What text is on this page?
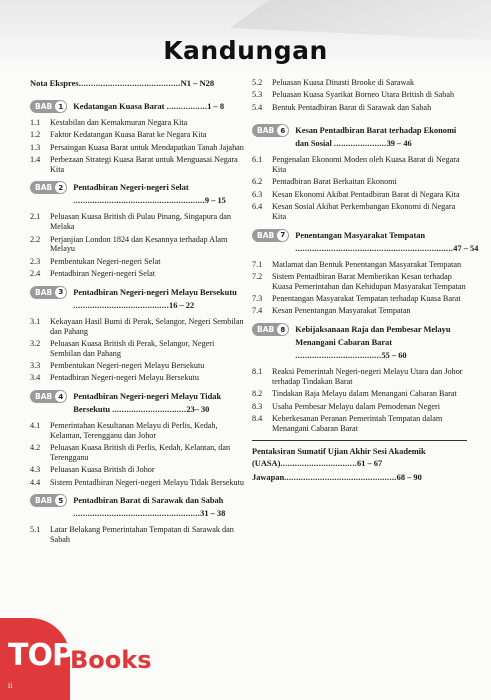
Kandungan
Nota Ekspres..........................................N1 – N28
BAB 1	Kedatangan Kuasa Barat .................1 – 8
1.1	Kestabilan dan Kemakmuran Negara Kita
1.2	Faktor Kedatangan Kuasa Barat ke Negara Kita
1.3	Persaingan Kuasa Barat untuk Mendapatkan Tanah Jajahan
1.4	Perbezaan Strategi Kuasa Barat untuk Menguasai Negara Kita
BAB 2	Pentadbiran Negeri-negeri Selat .......................................................9 – 15
2.1	Peluasan Kuasa British di Pulau Pinang, Singapura dan Melaka
2.2	Perjanjian London 1824 dan Kesannya terhadap Alam Melayu
2.3	Pembentukan Negeri-negeri Selat
2.4	Pentadbiran Negeri-negeri Selat
BAB 3	Pentadbiran Negeri-negeri Melayu Bersekutu ........................................16 – 22
3.1	Kekayaan Hasil Bumi di Perak, Selangor, Negeri Sembilan dan Pahang
3.2	Peluasan Kuasa British di Perak, Selangor, Negeri Sembilan dan Pahang
3.3	Pembentukan Negeri-negeri Melayu Bersekutu
3.4	Pentadbiran Negeri-negeri Melayu Bersekutu
BAB 4	Pentadbiran Negeri-negeri Melayu Tidak Bersekutu ...............................23– 30
4.1	Pemerintahan Kesultanan Melayu di Perlis, Kedah, Kelantan, Terengganu dan Johor
4.2	Peluasan Kuasa British di Perlis, Kedah, Kelantan, dan Terengganu
4.3	Peluasan Kuasa British di Johor
4.4	Sistem Pentadbiran Negeri-negeri Melayu Tidak Bersekutu
BAB 5	Pentadbiran Barat di Sarawak dan Sabah .....................................................31 – 38
5.1	Latar Belakang Pemerintahan Tempatan di Sarawak dan Sabah
5.2	Peluasan Kuasa Dinasti Brooke di Sarawak
5.3	Peluasan Kuasa Syarikat Borneo Utara British di Sabah
5.4	Bentuk Pentadbiran Barat di Sarawak dan Sabah
BAB 6	Kesan Pentadbiran Barat terhadap Ekonomi dan Sosial ......................39 – 46
6.1	Pengenalan Ekonomi Moden oleh Kuasa Barat di Negara Kita
6.2	Pentadbiran Barat Berkaitan Ekonomi
6.3	Kesan Ekonomi Akibat Pentadbiran Barat di Negara Kita
6.4	Kesan Sosial Akibat Perkembangan Ekonomi di Negara Kita
BAB 7	Penentangan Masyarakat Tempatan ..................................................................47 – 54
7.1	Matlamat dan Bentuk Penentangan Masyarakat Tempatan
7.2	Sistem Pentadbiran Barat Memberikan Kesan terhadap Kuasa Pemerintahan dan Kehidupan Masyarakat Tempatan
7.3	Penentangan Masyarakat Tempatan terhadap Kuasa Barat
7.4	Kesan Penentangan Masyarakat Tempatan
BAB 8	Kebijaksanaan Raja dan Pembesar Melayu Menangani Cabaran Barat ....................................55 – 60
8.1	Reaksi Pemerintah Negeri-negeri Melayu Utara dan Johor terhadap Tindakan Barat
8.2	Tindakan Raja Melayu dalam Menangani Cabaran Barat
8.3	Usaha Pembesar Melayu dalam Pemodenan Negeri
8.4	Keberkesanan Peranan Pemerintah Tempatan dalam Menangani Cabaran Barat
Pentaksiran Sumatif Ujian Akhir Sesi Akademik (UASA)................................61 – 67
Jawapan...............................................68 – 90
TOP
Books
ii
